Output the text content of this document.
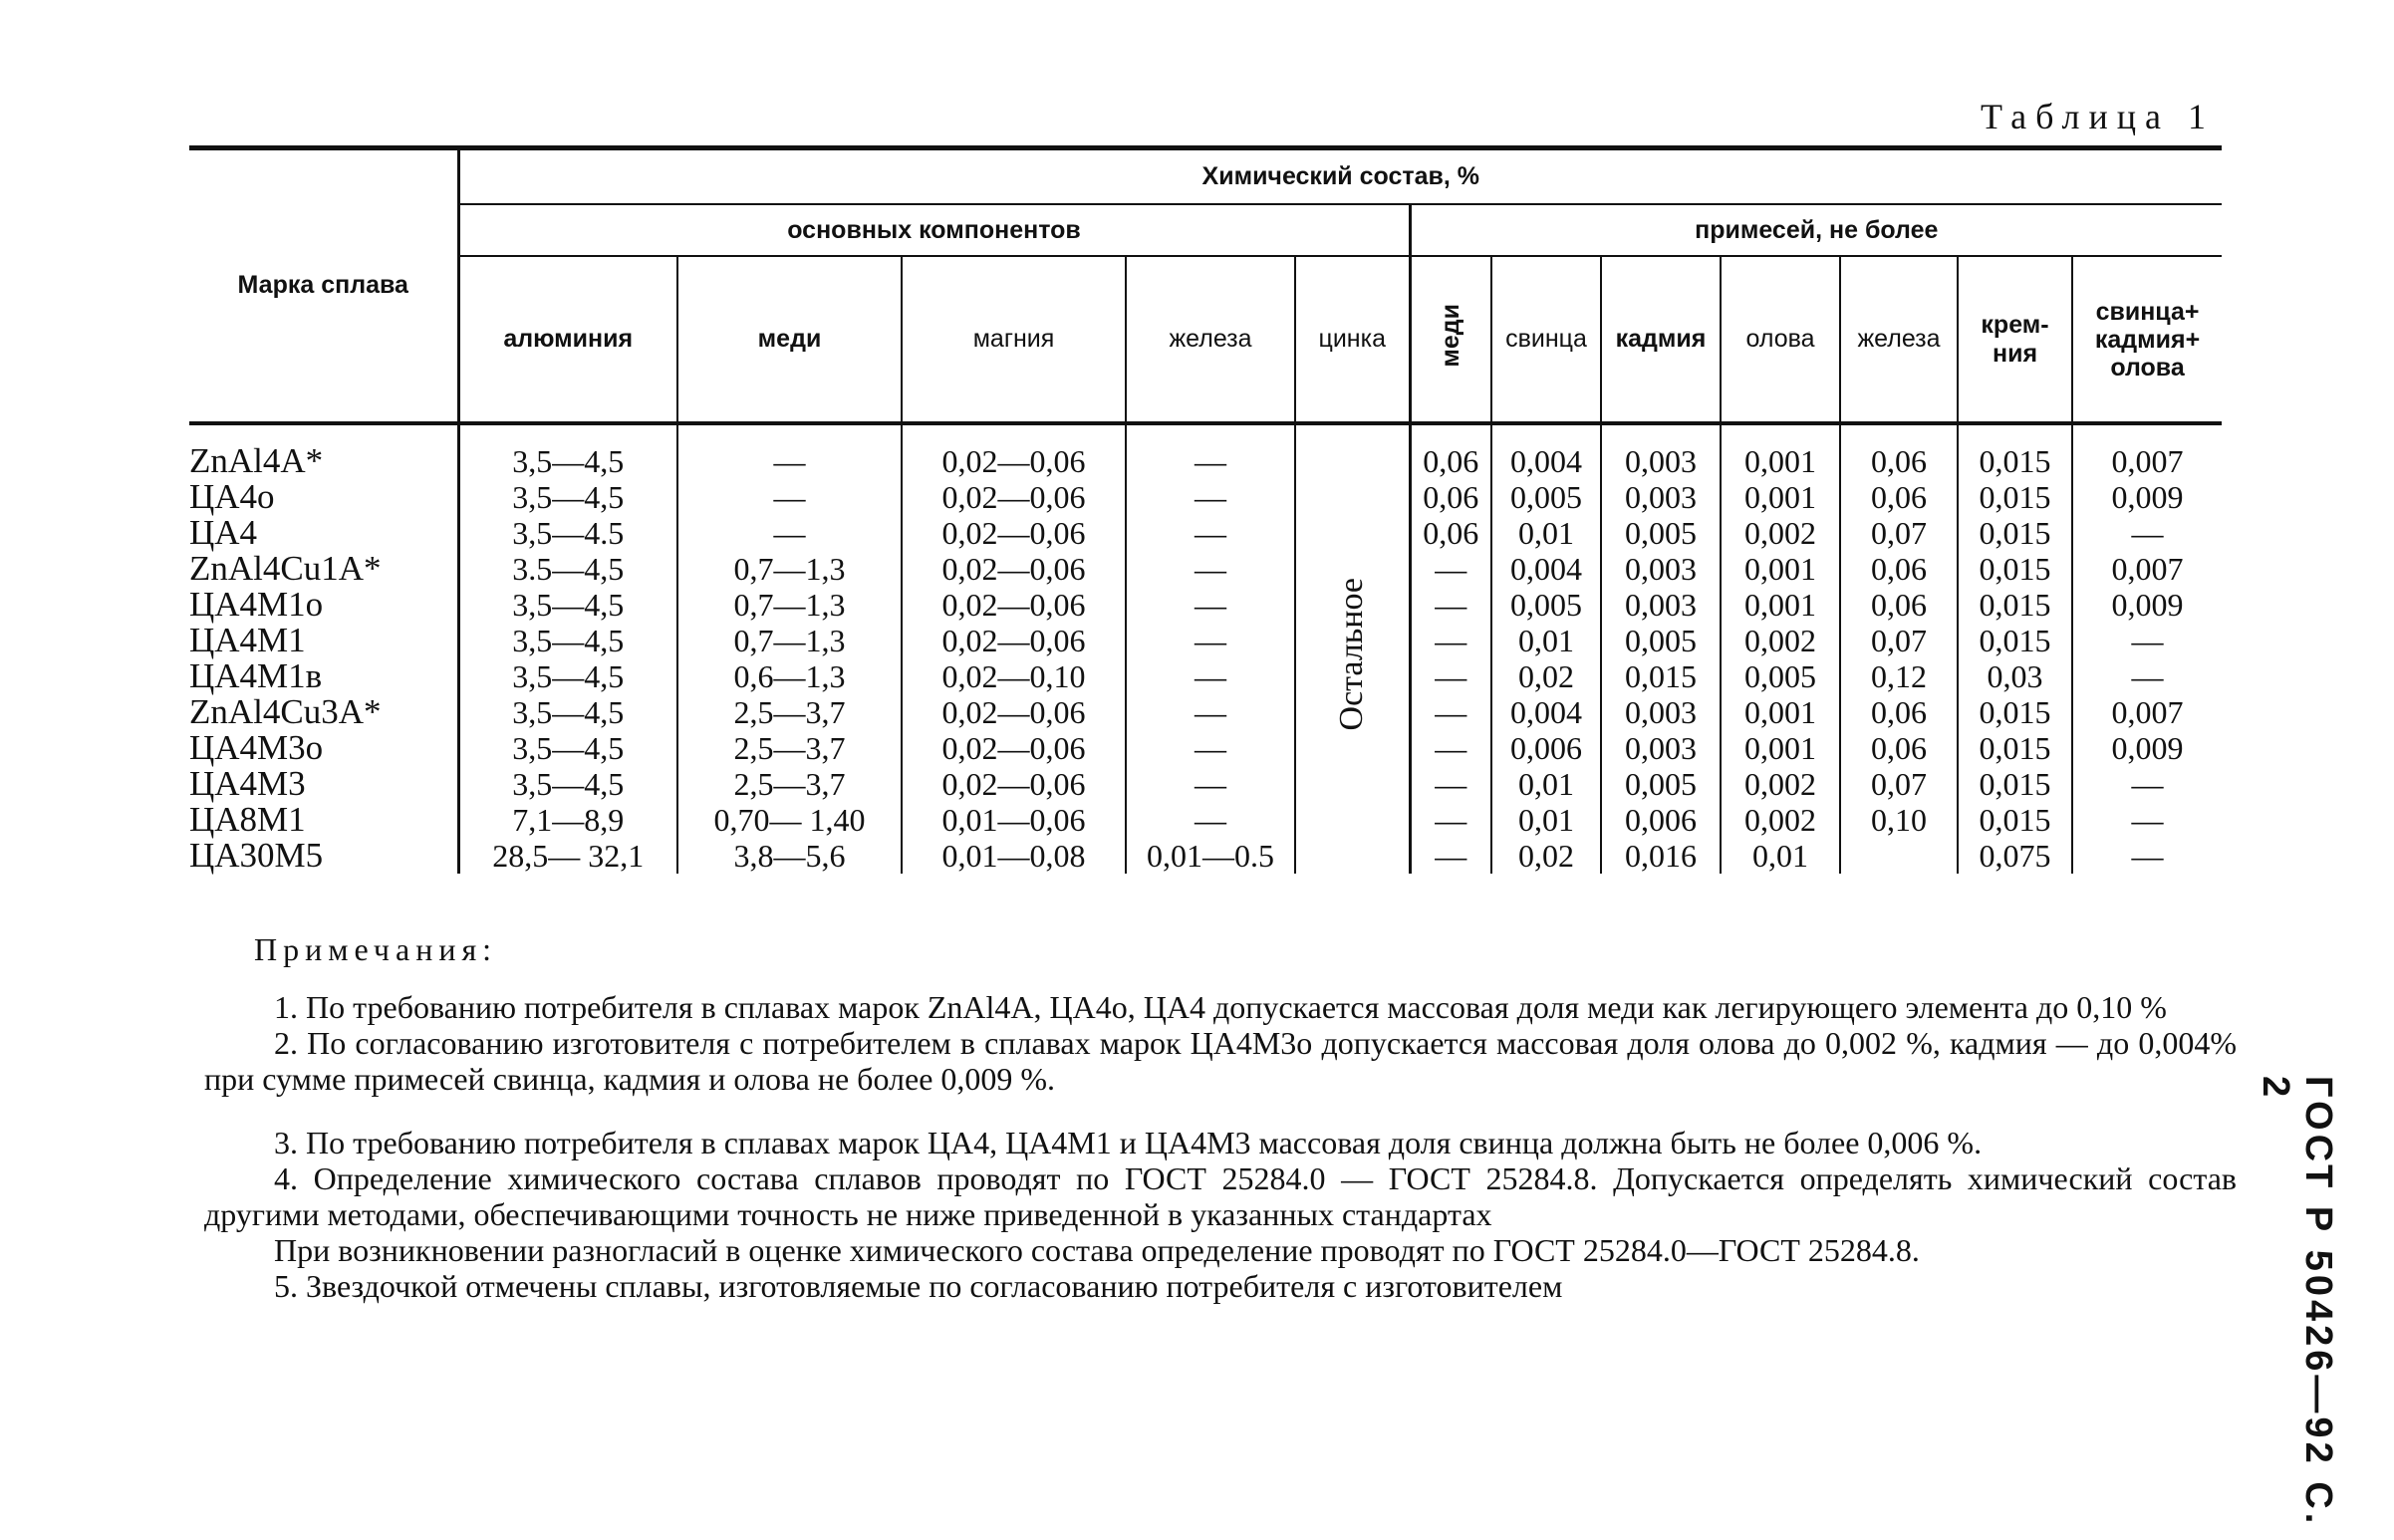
Таблица 1
Марка сплава	Химический состав, %											
	основных компонентов					примесей, не более						
	алюминия	меди	магния	железа	цинка	меди	свинца	кадмия	олова	железа	крем-ния	свинца+ кадмия+ олова

ZnAl4A*	3,5—4,5	—	0,02—0,06	—	Остальное	0,06	0,004	0,003	0,001	0,06	0,015	0,007
ЦА4о	3,5—4,5	—	0,02—0,06	—		0,06	0,005	0,003	0,001	0,06	0,015	0,009
ЦА4	3,5—4.5	—	0,02—0,06	—		0,06	0,01	0,005	0,002	0,07	0,015	—
ZnAl4Cu1A*	3.5—4,5	0,7—1,3	0,02—0,06	—		—	0,004	0,003	0,001	0,06	0,015	0,007
ЦА4М1о	3,5—4,5	0,7—1,3	0,02—0,06	—		—	0,005	0,003	0,001	0,06	0,015	0,009
ЦА4М1	3,5—4,5	0,7—1,3	0,02—0,06	—		—	0,01	0,005	0,002	0,07	0,015	—
ЦА4М1в	3,5—4,5	0,6—1,3	0,02—0,10	—		—	0,02	0,015	0,005	0,12	0,03	—
ZnAl4Cu3A*	3,5—4,5	2,5—3,7	0,02—0,06	—		—	0,004	0,003	0,001	0,06	0,015	0,007
ЦА4М3о	3,5—4,5	2,5—3,7	0,02—0,06	—		—	0,006	0,003	0,001	0,06	0,015	0,009
ЦА4М3	3,5—4,5	2,5—3,7	0,02—0,06	—		—	0,01	0,005	0,002	0,07	0,015	—
ЦА8М1	7,1—8,9	0,70— 1,40	0,01—0,06	—		—	0,01	0,006	0,002	0,10	0,015	—
ЦА30М5	28,5— 32,1	3,8—5,6	0,01—0,08	0,01—0.5		—	0,02	0,016	0,01		0,075	—
Примечания:

1. По требованию потребителя в сплавах марок ZnAl4A, ЦА4о, ЦА4 допускается массовая доля меди как легирующего элемента до 0,10 %

2. По согласованию изготовителя с потребителем в сплавах марок ЦА4М3о допускается массовая доля олова до 0,002 %, кадмия — до 0,004% при сумме примесей свинца, кадмия и олова не более 0,009 %.

3. По требованию потребителя в сплавах марок ЦА4, ЦА4М1 и ЦА4М3 массовая доля свинца должна быть не более 0,006 %.

4. Определение химического состава сплавов проводят по ГОСТ 25284.0 — ГОСТ 25284.8. Допускается определять химический состав другими методами, обеспечивающими точность не ниже приведенной в указанных стандартах

При возникновении разногласий в оценке химического состава определение проводят по ГОСТ 25284.0—ГОСТ 25284.8.

5. Звездочкой отмечены сплавы, изготовляемые по согласованию потребителя с изготовителем	ГОСТ Р 50426—92 С. 2
